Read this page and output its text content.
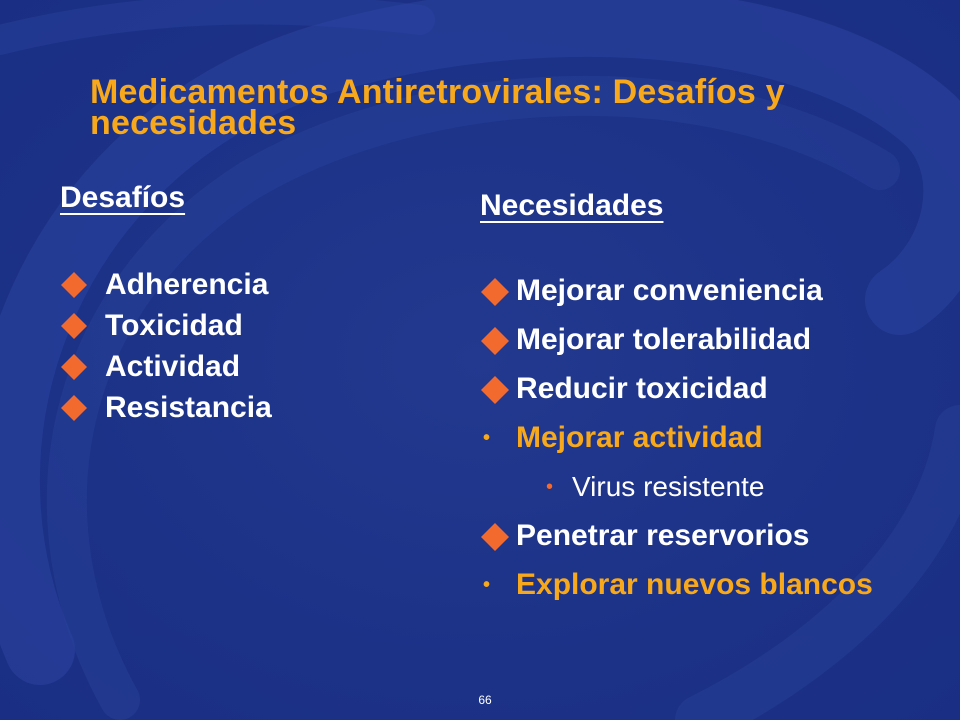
Medicamentos Antiretrovirales: Desafíos y necesidades
Desafíos	Necesidades
Adherencia
Toxicidad
Actividad
Resistancia
Mejorar conveniencia
Mejorar tolerabilidad
Reducir toxicidad
• Mejorar actividad
• Virus resistente
Penetrar reservorios
• Explorar nuevos blancos
66
